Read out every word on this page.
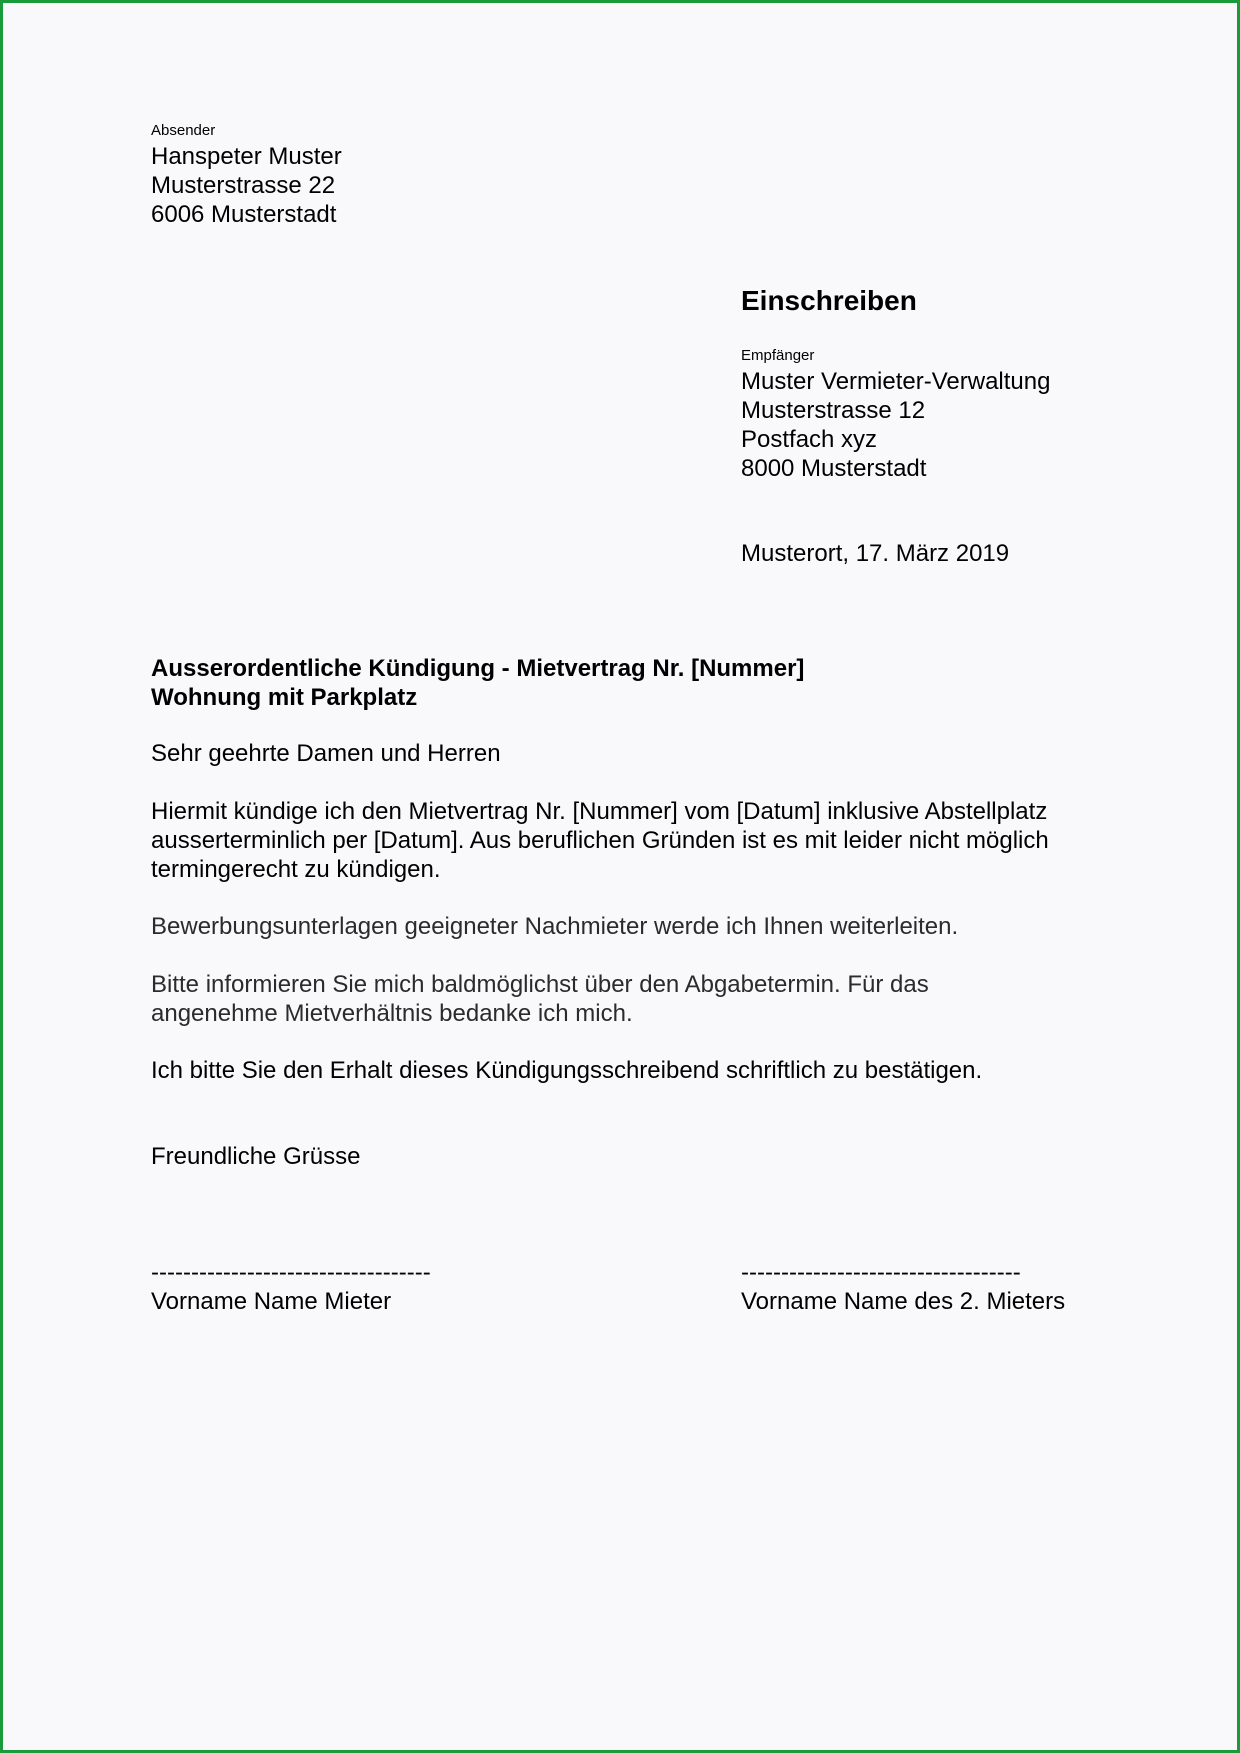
Absender
Hanspeter Muster
Musterstrasse 22
6006 Musterstadt
Einschreiben
Empfänger
Muster Vermieter-Verwaltung
Musterstrasse 12
Postfach xyz
8000 Musterstadt
Musterort, 17. März 2019
Ausserordentliche Kündigung - Mietvertrag Nr. [Nummer]
Wohnung mit Parkplatz
Sehr geehrte Damen und Herren
Hiermit kündige ich den Mietvertrag Nr. [Nummer] vom [Datum] inklusive Abstellplatz
ausserterminlich per [Datum]. Aus beruflichen Gründen ist es mit leider nicht möglich
termingerecht zu kündigen.
Bewerbungsunterlagen geeigneter Nachmieter werde ich Ihnen weiterleiten.
Bitte informieren Sie mich baldmöglichst über den Abgabetermin. Für das
angenehme Mietverhältnis bedanke ich mich.
Ich bitte Sie den Erhalt dieses Kündigungsschreibend schriftlich zu bestätigen.
Freundliche Grüsse
-----------------------------------
Vorname Name Mieter
-----------------------------------
Vorname Name des 2. Mieters
